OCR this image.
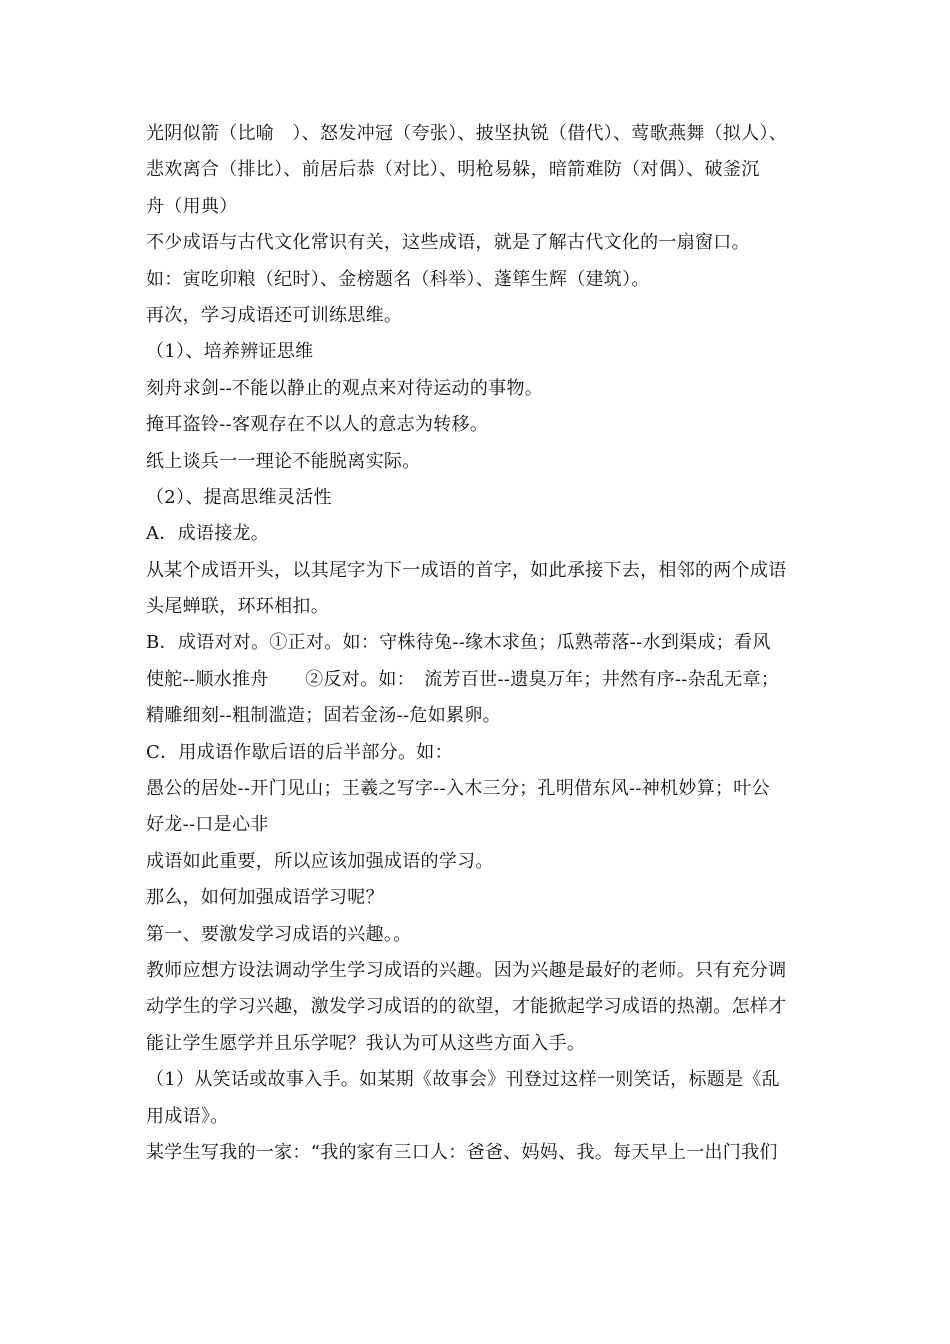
光阴似箭（比喻　）、怒发冲冠（夸张）、披坚执锐（借代）、莺歌燕舞（拟人）、
悲欢离合（排比）、前居后恭（对比）、明枪易躲，暗箭难防（对偶）、破釜沉
舟（用典）
不少成语与古代文化常识有关，这些成语，就是了解古代文化的一扇窗口。
如：寅吃卯粮（纪时）、金榜题名（科举）、蓬筚生辉（建筑）。
再次，学习成语还可训练思维。
（1）、培养辨证思维
刻舟求剑--不能以静止的观点来对待运动的事物。
掩耳盗铃--客观存在不以人的意志为转移。
纸上谈兵一一理论不能脱离实际。
（2）、提高思维灵活性
A．成语接龙。
从某个成语开头，以其尾字为下一成语的首字，如此承接下去，相邻的两个成语
头尾蝉联，环环相扣。
B．成语对对。①正对。如：守株待兔--缘木求鱼；瓜熟蒂落--水到渠成；看风
使舵--顺水推舟　　②反对。如：　流芳百世--遗臭万年；井然有序--杂乱无章；
精雕细刻--粗制滥造；固若金汤--危如累卵。
C．用成语作歇后语的后半部分。如：
愚公的居处--开门见山；王羲之写字--入木三分；孔明借东风--神机妙算；叶公
好龙--口是心非
成语如此重要，所以应该加强成语的学习。
那么，如何加强成语学习呢？
第一、要激发学习成语的兴趣。。
教师应想方设法调动学生学习成语的兴趣。因为兴趣是最好的老师。只有充分调
动学生的学习兴趣，激发学习成语的的欲望，才能掀起学习成语的热潮。怎样才
能让学生愿学并且乐学呢？我认为可从这些方面入手。
（1）从笑话或故事入手。如某期《故事会》刊登过这样一则笑话，标题是《乱
用成语》。
某学生写我的一家：“我的家有三口人：爸爸、妈妈、我。每天早上一出门我们
